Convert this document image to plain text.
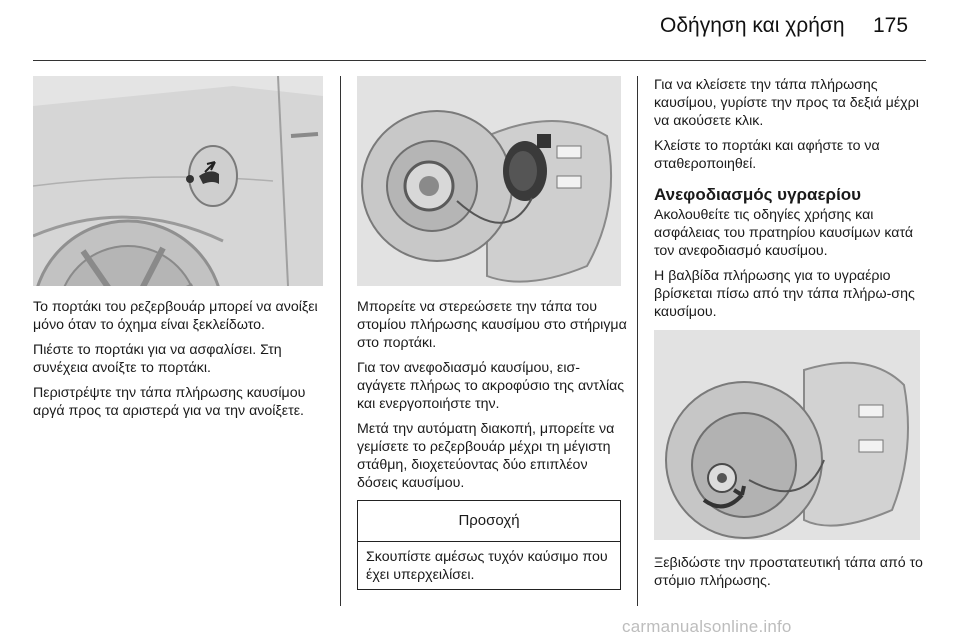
Οδήγηση και χρήση 175

Το πορτάκι του ρεζερβουάρ μπορεί να ανοίξει μόνο όταν το όχημα είναι ξεκλείδωτο.

Πιέστε το πορτάκι για να ασφαλίσει. Στη συνέχεια ανοίξτε το πορτάκι.

Περιστρέψτε την τάπα πλήρωσης καυσίμου αργά προς τα αριστερά για να την ανοίξετε.

Μπορείτε να στερεώσετε την τάπα του στομίου πλήρωσης καυσίμου στο στήριγμα στο πορτάκι.

Για τον ανεφοδιασμό καυσίμου, εισ-αγάγετε πλήρως το ακροφύσιο της αντλίας και ενεργοποιήστε την.

Μετά την αυτόματη διακοπή, μπορείτε να γεμίσετε το ρεζερβουάρ μέχρι τη μέγιστη στάθμη, διοχετεύοντας δύο επιπλέον δόσεις καυσίμου.

Προσοχή
Σκουπίστε αμέσως τυχόν καύσιμο που έχει υπερχειλίσει.

Για να κλείσετε την τάπα πλήρωσης καυσίμου, γυρίστε την προς τα δεξιά μέχρι να ακούσετε κλικ.

Κλείστε το πορτάκι και αφήστε το να σταθεροποιηθεί.

Ανεφοδιασμός υγραερίου

Ακολουθείτε τις οδηγίες χρήσης και ασφάλειας του πρατηρίου καυσίμων κατά τον ανεφοδιασμό καυσίμου.

Η βαλβίδα πλήρωσης για το υγραέριο βρίσκεται πίσω από την τάπα πλήρω-σης καυσίμου.

Ξεβιδώστε την προστατευτική τάπα από το στόμιο πλήρωσης.

carmanualsonline.info
